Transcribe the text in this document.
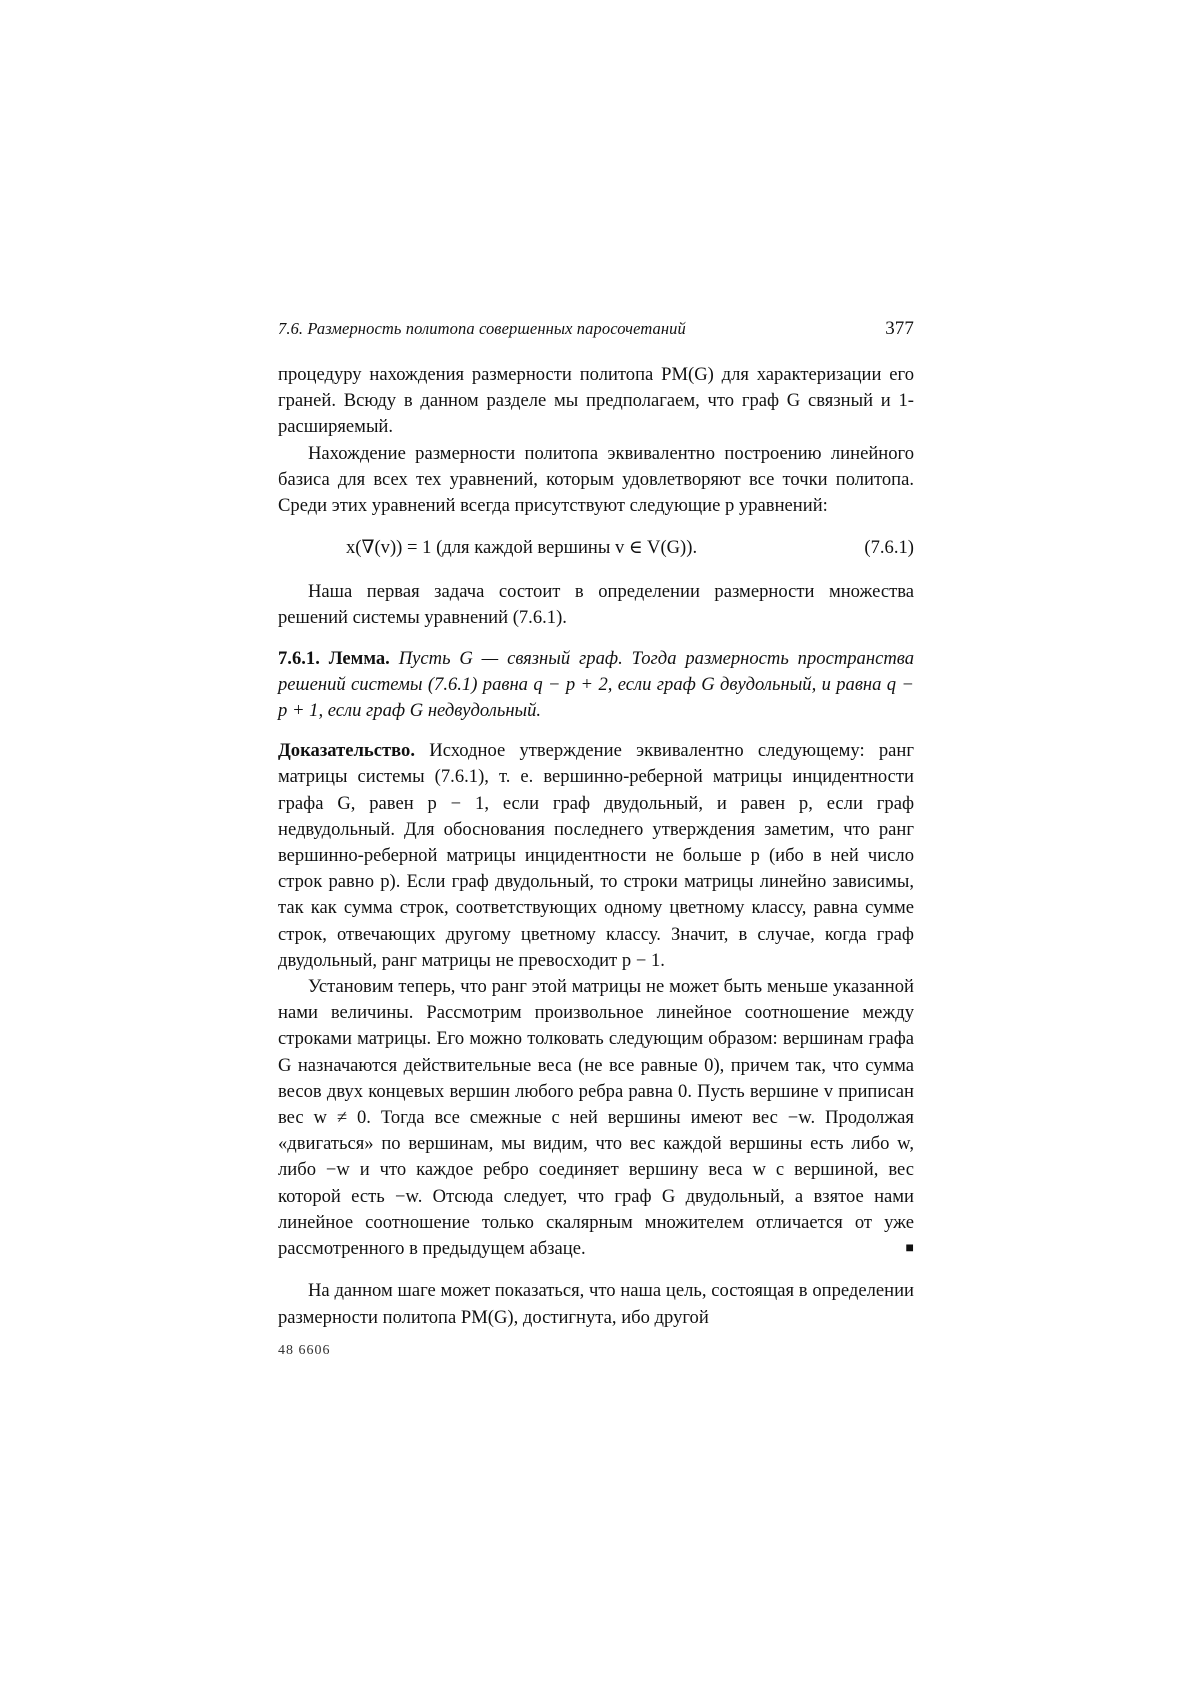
7.6. Размерность политопа совершенных паросочетаний	377

процедуру нахождения размерности политопа PM(G) для характеризации его граней. Всюду в данном разделе мы предполагаем, что граф G связный и 1-расширяемый.

Нахождение размерности политопа эквивалентно построению линейного базиса для всех тех уравнений, которым удовлетворяют все точки политопа. Среди этих уравнений всегда присутствуют следующие p уравнений:

x(∇(v)) = 1 (для каждой вершины v ∈ V(G)).	(7.6.1)

Наша первая задача состоит в определении размерности множества решений системы уравнений (7.6.1).

7.6.1. Лемма. Пусть G — связный граф. Тогда размерность пространства решений системы (7.6.1) равна q − p + 2, если граф G двудольный, и равна q − p + 1, если граф G недвудольный.

Доказательство. Исходное утверждение эквивалентно следующему: ранг матрицы системы (7.6.1), т. е. вершинно-реберной матрицы инцидентности графа G, равен p − 1, если граф двудольный, и равен p, если граф недвудольный. Для обоснования последнего утверждения заметим, что ранг вершинно-реберной матрицы инцидентности не больше p (ибо в ней число строк равно p). Если граф двудольный, то строки матрицы линейно зависимы, так как сумма строк, соответствующих одному цветному классу, равна сумме строк, отвечающих другому цветному классу. Значит, в случае, когда граф двудольный, ранг матрицы не превосходит p − 1.

Установим теперь, что ранг этой матрицы не может быть меньше указанной нами величины. Рассмотрим произвольное линейное соотношение между строками матрицы. Его можно толковать следующим образом: вершинам графа G назначаются действительные веса (не все равные 0), причем так, что сумма весов двух концевых вершин любого ребра равна 0. Пусть вершине v приписан вес w ≠ 0. Тогда все смежные с ней вершины имеют вес −w. Продолжая «двигаться» по вершинам, мы видим, что вес каждой вершины есть либо w, либо −w и что каждое ребро соединяет вершину веса w с вершиной, вес которой есть −w. Отсюда следует, что граф G двудольный, а взятое нами линейное соотношение только скалярным множителем отличается от уже рассмотренного в предыдущем абзаце.	■

На данном шаге может показаться, что наша цель, состоящая в определении размерности политопа PM(G), достигнута, ибо другой

48 6606
